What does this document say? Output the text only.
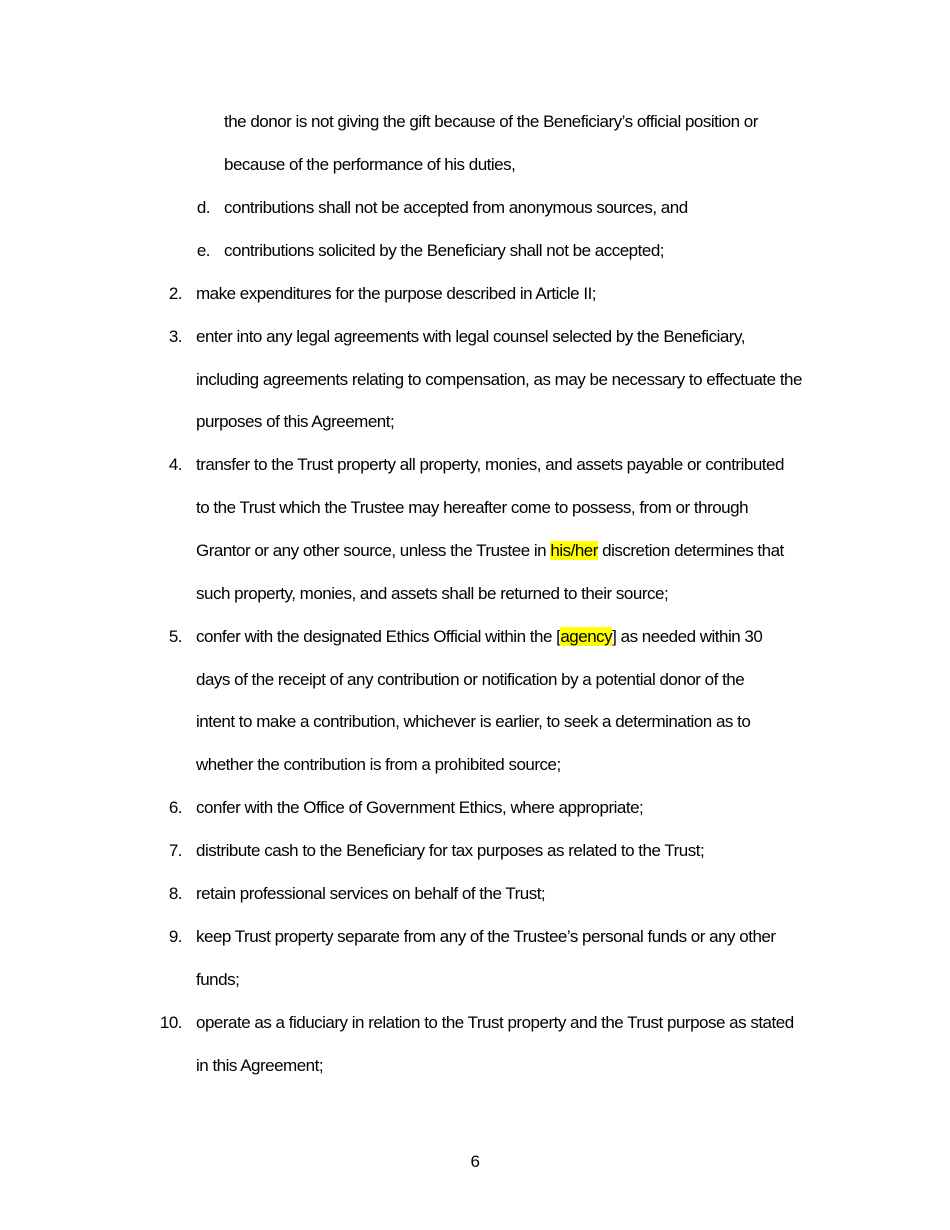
the donor is not giving the gift because of the Beneficiary’s official position or
because of the performance of his duties,
d. contributions shall not be accepted from anonymous sources, and
e. contributions solicited by the Beneficiary shall not be accepted;
2. make expenditures for the purpose described in Article II;
3. enter into any legal agreements with legal counsel selected by the Beneficiary,
including agreements relating to compensation, as may be necessary to effectuate the
purposes of this Agreement;
4. transfer to the Trust property all property, monies, and assets payable or contributed
to the Trust which the Trustee may hereafter come to possess, from or through
Grantor or any other source, unless the Trustee in his/her discretion determines that
such property, monies, and assets shall be returned to their source;
5. confer with the designated Ethics Official within the [agency] as needed within 30
days of the receipt of any contribution or notification by a potential donor of the
intent to make a contribution, whichever is earlier, to seek a determination as to
whether the contribution is from a prohibited source;
6. confer with the Office of Government Ethics, where appropriate;
7. distribute cash to the Beneficiary for tax purposes as related to the Trust;
8. retain professional services on behalf of the Trust;
9. keep Trust property separate from any of the Trustee’s personal funds or any other
funds;
10. operate as a fiduciary in relation to the Trust property and the Trust purpose as stated
in this Agreement;
6
